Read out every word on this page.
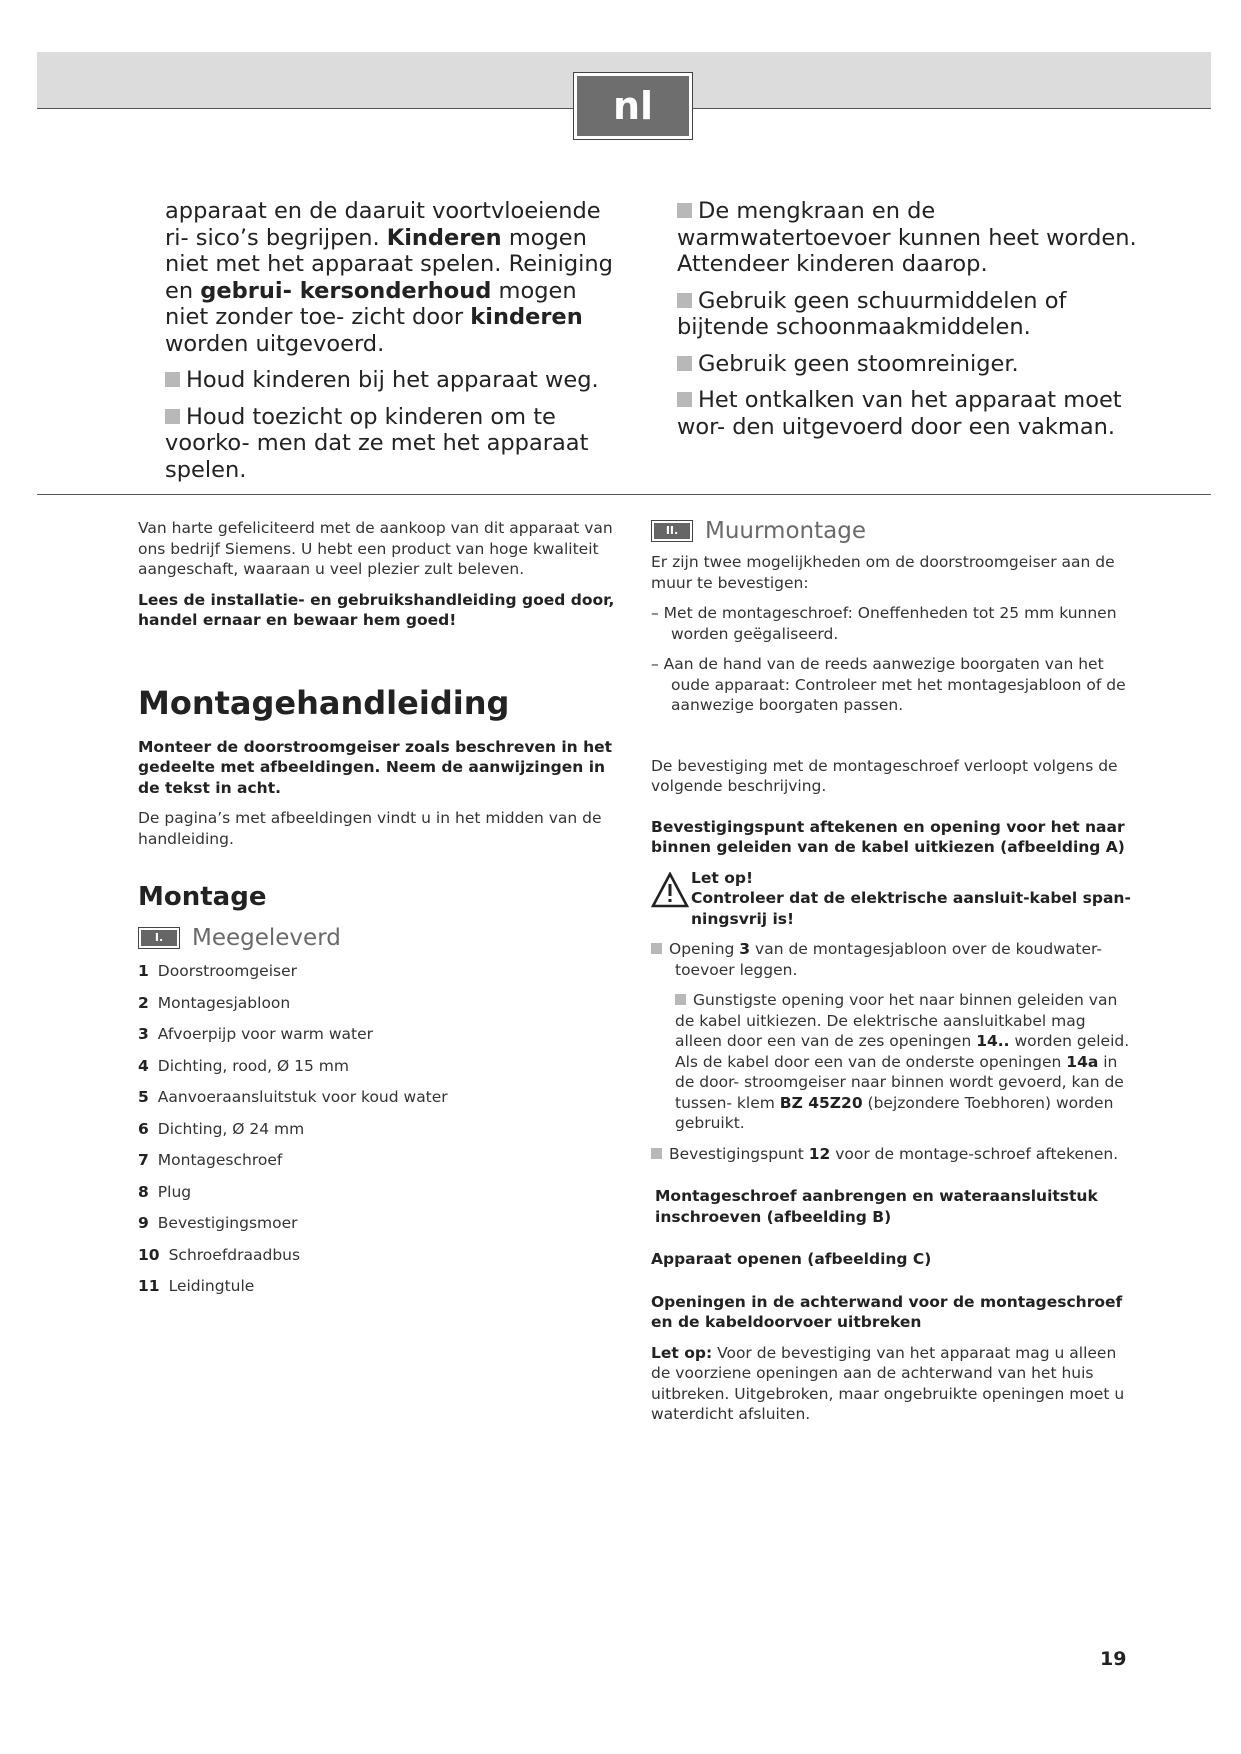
nl

apparaat en de daaruit voortvloeiende ri- sico’s begrijpen. Kinderen mogen niet met het apparaat spelen. Reiniging en gebrui- kersonderhoud mogen niet zonder toe- zicht door kinderen worden uitgevoerd.

Houd kinderen bij het apparaat weg.

Houd toezicht op kinderen om te voorko- men dat ze met het apparaat spelen.

De mengkraan en de warmwatertoevoer kunnen heet worden. Attendeer kinderen daarop.

Gebruik geen schuurmiddelen of bijtende schoonmaakmiddelen.

Gebruik geen stoomreiniger.

Het ontkalken van het apparaat moet wor- den uitgevoerd door een vakman.

Van harte gefeliciteerd met de aankoop van dit apparaat van ons bedrijf Siemens. U hebt een product van hoge kwaliteit aangeschaft, waaraan u veel plezier zult beleven.

Lees de installatie- en gebruikshandleiding goed door, handel ernaar en bewaar hem goed!

Montagehandleiding

Monteer de doorstroomgeiser zoals beschreven in het gedeelte met afbeeldingen. Neem de aanwijzingen in de tekst in acht.

De pagina’s met afbeeldingen vindt u in het midden van de handleiding.

Montage
I.	Meegeleverd
1 Doorstroomgeiser
2 Montagesjabloon
3 Afvoerpijp voor warm water
4 Dichting, rood, Ø 15 mm
5 Aanvoeraansluitstuk voor koud water
6 Dichting, Ø 24 mm
7 Montageschroef
8 Plug
9 Bevestigingsmoer
10 Schroefdraadbus
11 Leidingtule
II.	Muurmontage

Er zijn twee mogelijkheden om de doorstroomgeiser aan de muur te bevestigen:

– Met de montageschroef: Oneffenheden tot 25 mm kunnen worden geëgaliseerd.

– Aan de hand van de reeds aanwezige boorgaten van het oude apparaat: Controleer met het montagesjabloon of de aanwezige boorgaten passen.

De bevestiging met de montageschroef verloopt volgens de volgende beschrijving.

Bevestigingspunt aftekenen en opening voor het naar binnen geleiden van de kabel uitkiezen (afbeelding A)

Let op!
Controleer dat de elektrische aansluit-kabel span- ningsvrij is!

Opening 3 van de montagesjabloon over de koudwater- toevoer leggen.

Gunstigste opening voor het naar binnen geleiden van de kabel uitkiezen. De elektrische aansluitkabel mag alleen door een van de zes openingen 14.. worden geleid. Als de kabel door een van de onderste openingen 14a in de door- stroomgeiser naar binnen wordt gevoerd, kan de tussen- klem BZ 45Z20 (bejzondere Toebhoren) worden gebruikt.

Bevestigingspunt 12 voor de montage-schroef aftekenen.

Montageschroef aanbrengen en wateraansluitstuk inschroeven (afbeelding B)

Apparaat openen (afbeelding C)

Openingen in de achterwand voor de montageschroef en de kabeldoorvoer uitbreken

Let op: Voor de bevestiging van het apparaat mag u alleen de voorziene openingen aan de achterwand van het huis uitbreken. Uitgebroken, maar ongebruikte openingen moet u waterdicht afsluiten.

19
